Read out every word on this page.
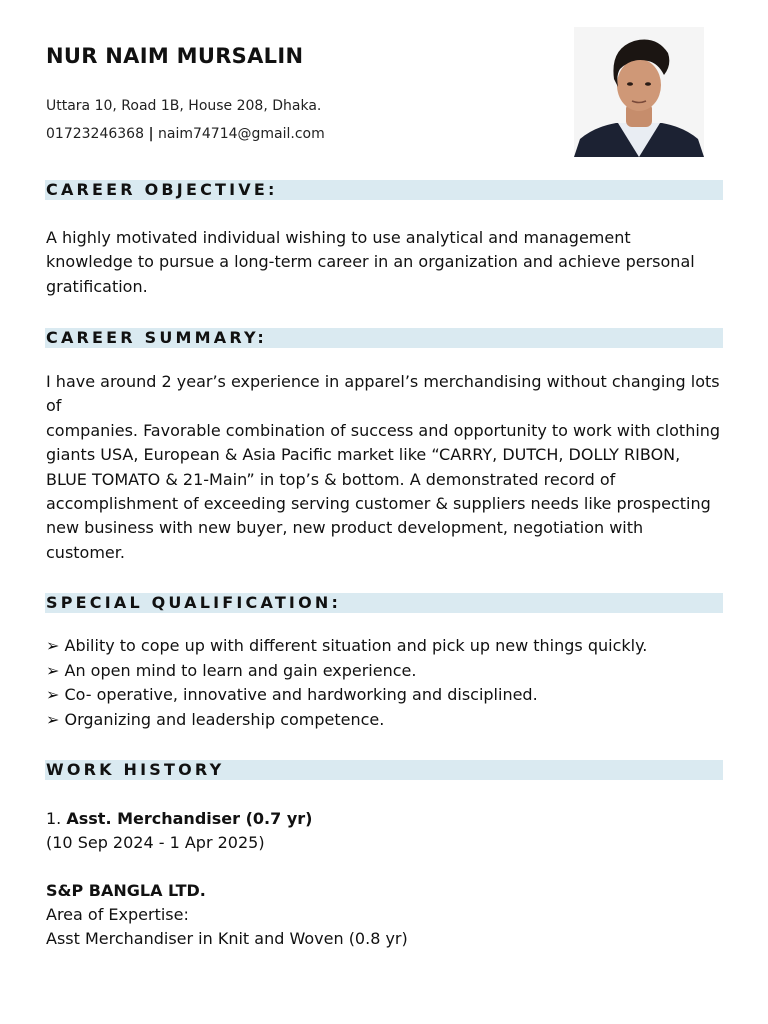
NUR NAIM MURSALIN

Uttara 10, Road 1B, House 208, Dhaka.

01723246368 | naim74714@gmail.com

CAREER OBJECTIVE:

A highly motivated individual wishing to use analytical and management knowledge to pursue a long-term career in an organization and achieve personal gratification.

CAREER SUMMARY:
I have around 2 year’s experience in apparel’s merchandising without changing lots of
companies. Favorable combination of success and opportunity to work with clothing giants USA, European & Asia Pacific market like “CARRY, DUTCH, DOLLY RIBON, BLUE TOMATO & 21-Main” in top’s & bottom. A demonstrated record of accomplishment of exceeding serving customer & suppliers needs like prospecting new business with new buyer, new product development, negotiation with customer.
SPECIAL QUALIFICATION:
➢ Ability to cope up with different situation and pick up new things quickly.
➢ An open mind to learn and gain experience.
➢ Co- operative, innovative and hardworking and disciplined.
➢ Organizing and leadership competence.
WORK HISTORY
1. Asst. Merchandiser (0.7 yr)
(10 Sep 2024 - 1 Apr 2025)
S&P BANGLA LTD.
Area of Expertise:
Asst Merchandiser in Knit and Woven (0.8 yr)
